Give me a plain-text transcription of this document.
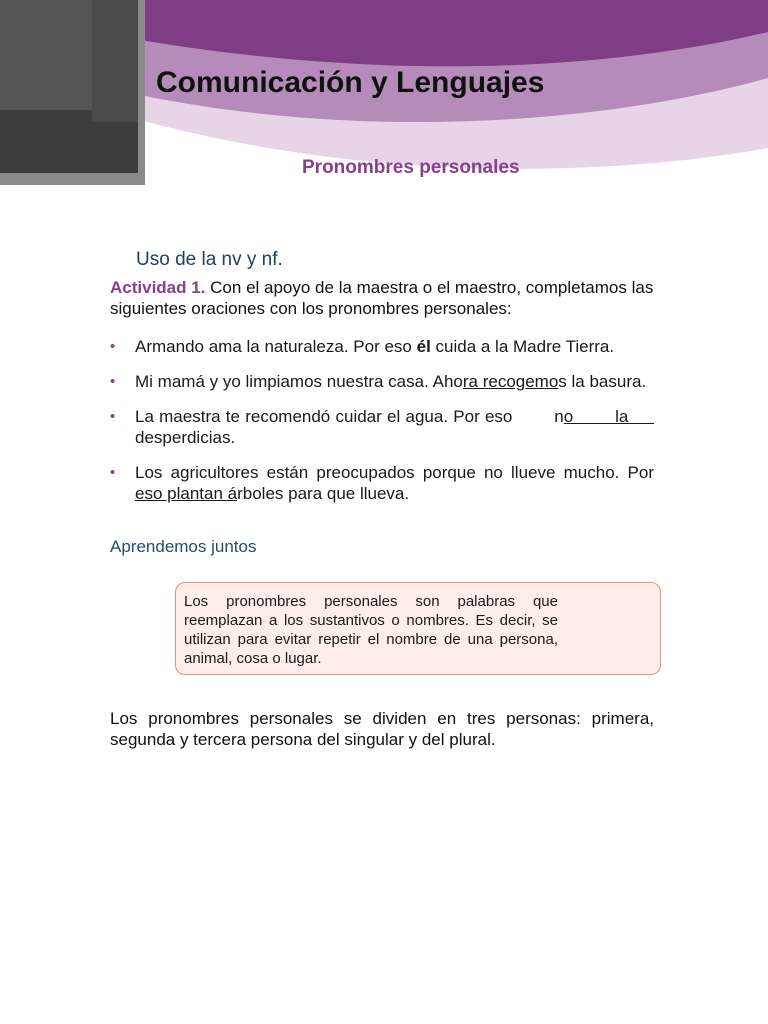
Comunicación y Lenguajes
Pronombres personales
Uso de la nv y nf.

Actividad 1. Con el apoyo de la maestra o el maestro, completamos las siguientes oraciones con los pronombres personales:

• Armando ama la naturaleza. Por eso él cuida a la Madre Tierra.
• Mi mamá y yo limpiamos nuestra casa. Ahora recogemos la basura.
• La maestra te recomendó cuidar el agua. Por eso        no        la      desperdicias.
• Los agricultores están preocupados porque no llueve mucho. Por eso plantan árboles para que llueva.
Aprendemos juntos

Los pronombres personales son palabras que reemplazan a los sustantivos o nombres. Es decir, se utilizan para evitar repetir el nombre de una persona, animal, cosa o lugar.

Los pronombres personales se dividen en tres personas: primera, segunda y tercera persona del singular y del plural.
